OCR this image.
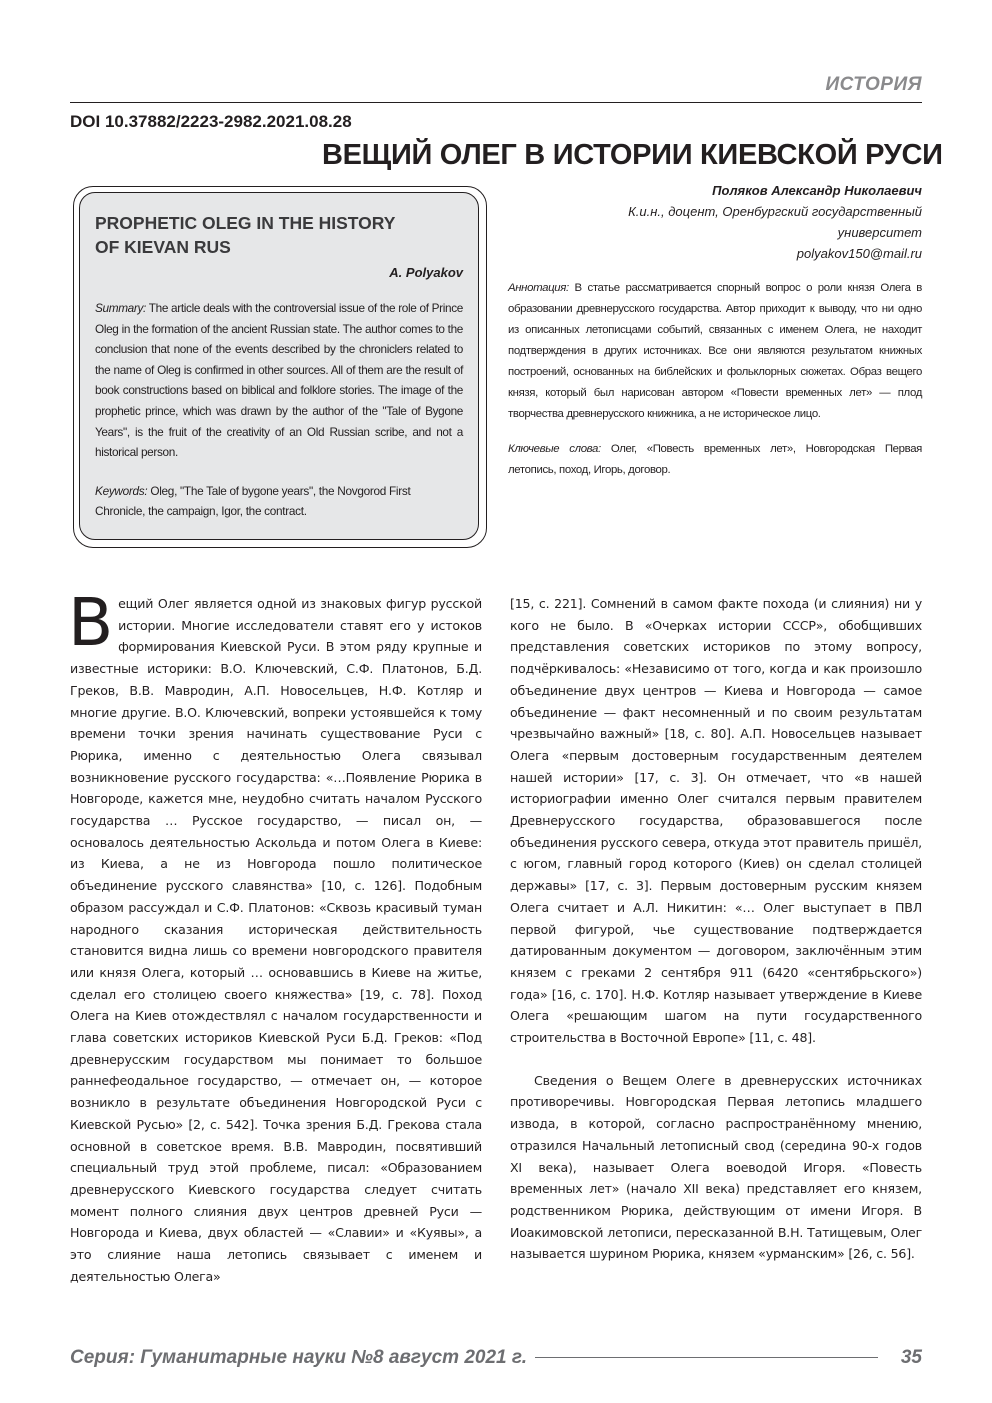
ИСТОРИЯ
DOI 10.37882/2223-2982.2021.08.28
ВЕЩИЙ ОЛЕГ В ИСТОРИИ КИЕВСКОЙ РУСИ
PROPHETIC OLEG IN THE HISTORY OF KIEVAN RUS
A. Polyakov
Summary: The article deals with the controversial issue of the role of Prince Oleg in the formation of the ancient Russian state. The author comes to the conclusion that none of the events described by the chroniclers related to the name of Oleg is confirmed in other sources. All of them are the result of book constructions based on biblical and folklore stories. The image of the prophetic prince, which was drawn by the author of the "Tale of Bygone Years", is the fruit of the creativity of an Old Russian scribe, and not a historical person.
Keywords: Oleg, "The Tale of bygone years", the Novgorod First Chronicle, the campaign, Igor, the contract.
Поляков Александр Николаевич
К.и.н., доцент, Оренбургский государственный
университет
polyakov150@mail.ru
Аннотация: В статье рассматривается спорный вопрос о роли князя Олега в образовании древнерусского государства. Автор приходит к выводу, что ни одно из описанных летописцами событий, связанных с именем Олега, не находит подтверждения в других источниках. Все они являются результатом книжных построений, основанных на библейских и фольклорных сюжетах. Образ вещего князя, который был нарисован автором «Повести временных лет» — плод творчества древнерусского книжника, а не историческое лицо.
Ключевые слова: Олег, «Повесть временных лет», Новгородская Первая летопись, поход, Игорь, договор.

Вещий Олег является одной из знаковых фигур русской истории. Многие исследователи ставят его у истоков формирования Киевской Руси. В этом ряду крупные и известные историки: В.О. Ключевский, С.Ф. Платонов, Б.Д. Греков, В.В. Мавродин, А.П. Новосельцев, Н.Ф. Котляр и многие другие. В.О. Ключевский, вопреки устоявшейся к тому времени точки зрения начинать существование Руси с Рюрика, именно с деятельностью Олега связывал возникновение русского государства: «…Появление Рюрика в Новгороде, кажется мне, неудобно считать началом Русского государства … Русское государство, — писал он, — основалось деятельностью Аскольда и потом Олега в Киеве: из Киева, а не из Новгорода пошло политическое объединение русского славянства» [10, с. 126]. Подобным образом рассуждал и С.Ф. Платонов: «Сквозь красивый туман народного сказания историческая действительность становится видна лишь со времени новгородского правителя или князя Олега, который … основавшись в Киеве на житье, сделал его столицею своего княжества» [19, с. 78]. Поход Олега на Киев отождествлял с началом государственности и глава советских историков Киевской Руси Б.Д. Греков: «Под древнерусским государством мы понимает то большое раннефеодальное государство, — отмечает он, — которое возникло в результате объединения Новгородской Руси с Киевской Русью» [2, с. 542]. Точка зрения Б.Д. Грекова стала основной в советское время. В.В. Мавродин, посвятивший специальный труд этой проблеме, писал: «Образованием древнерусского Киевского государства следует считать момент полного слияния двух центров древней Руси — Новгорода и Киева, двух областей — «Славии» и «Куявы», а это слияние наша летопись связывает с именем и деятельностью Олега»

[15, с. 221]. Сомнений в самом факте похода (и слияния) ни у кого не было. В «Очерках истории СССР», обобщивших представления советских историков по этому вопросу, подчёркивалось: «Независимо от того, когда и как произошло объединение двух центров — Киева и Новгорода — самое объединение — факт несомненный и по своим результатам чрезвычайно важный» [18, с. 80]. А.П. Новосельцев называет Олега «первым достоверным государственным деятелем нашей истории» [17, с. 3]. Он отмечает, что «в нашей историографии именно Олег считался первым правителем Древнерусского государства, образовавшегося после объединения русского севера, откуда этот правитель пришёл, с югом, главный город которого (Киев) он сделал столицей державы» [17, с. 3]. Первым достоверным русским князем Олега считает и А.Л. Никитин: «… Олег выступает в ПВЛ первой фигурой, чье существование подтверждается датированным документом — договором, заключённым этим князем с греками 2 сентября 911 (6420 «сентябрьского») года» [16, с. 170]. Н.Ф. Котляр называет утверждение в Киеве Олега «решающим шагом на пути государственного строительства в Восточной Европе» [11, с. 48].

Сведения о Вещем Олеге в древнерусских источниках противоречивы. Новгородская Первая летопись младшего извода, в которой, согласно распространённому мнению, отразился Начальный летописный свод (середина 90-х годов XI века), называет Олега воеводой Игоря. «Повесть временных лет» (начало XII века) представляет его князем, родственником Рюрика, действующим от имени Игоря. В Иоакимовской летописи, пересказанной В.Н. Татищевым, Олег называется шурином Рюрика, князем «урманским» [26, с. 56].

Серия: Гуманитарные науки №8 август 2021 г.	35
